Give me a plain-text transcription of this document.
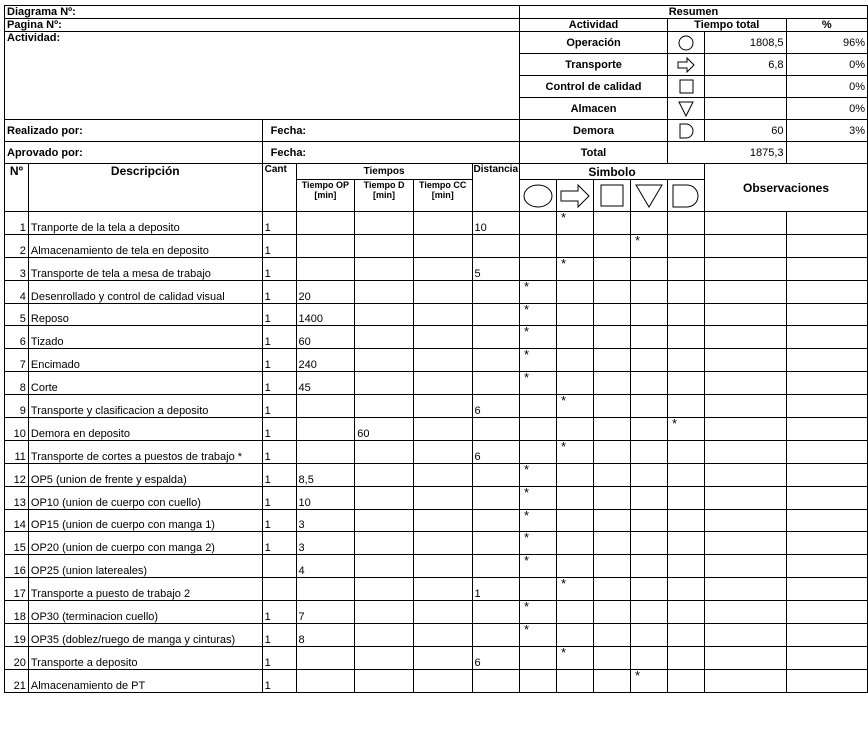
Diagrama Nº:							Resumen						
Pagina Nº:							Actividad				Tiempo total		%
Actividad:							Operación					1808,5	96%
							Transporte					6,8	0%
							Control de calidad						0%
							Almacen						0%
Realizado por:		Fecha:					Demora					60	3%
Aprovado por:		Fecha:					Total					1875,3	
Nº	Descripción	Cant	Tiempos			Distancia	Simbolo					Observaciones	
			Tiempo OP [min]	Tiempo D [min]	Tiempo CC [min]	

1	Tranporte de la tela a deposito	1				10		*					
2	Almacenamiento de tela en deposito	1								*			
3	Transporte de tela a mesa de trabajo	1				5		*					
4	Desenrollado y control de calidad visual	1	20				*						
5	Reposo	1	1400				*						
6	Tizado	1	60				*						
7	Encimado	1	240				*						
8	Corte	1	45				*						
9	Transporte y clasificacion a deposito	1				6		*					
10	Demora en deposito	1		60							*		
11	Transporte de cortes a puestos de trabajo *	1				6		*					
12	OP5 (union de frente y espalda)	1	8,5				*						
13	OP10 (union de cuerpo con cuello)	1	10				*						
14	OP15 (union de cuerpo con manga 1)	1	3				*						
15	OP20 (union de cuerpo con manga 2)	1	3				*						
16	OP25 (union latereales)		4				*						
17	Transporte a puesto de trabajo 2					1		*					
18	OP30 (terminacion cuello)	1	7				*						
19	OP35 (doblez/ruego de manga y cinturas)	1	8				*						
20	Transporte a deposito	1				6		*					
21	Almacenamiento de PT	1								*			
